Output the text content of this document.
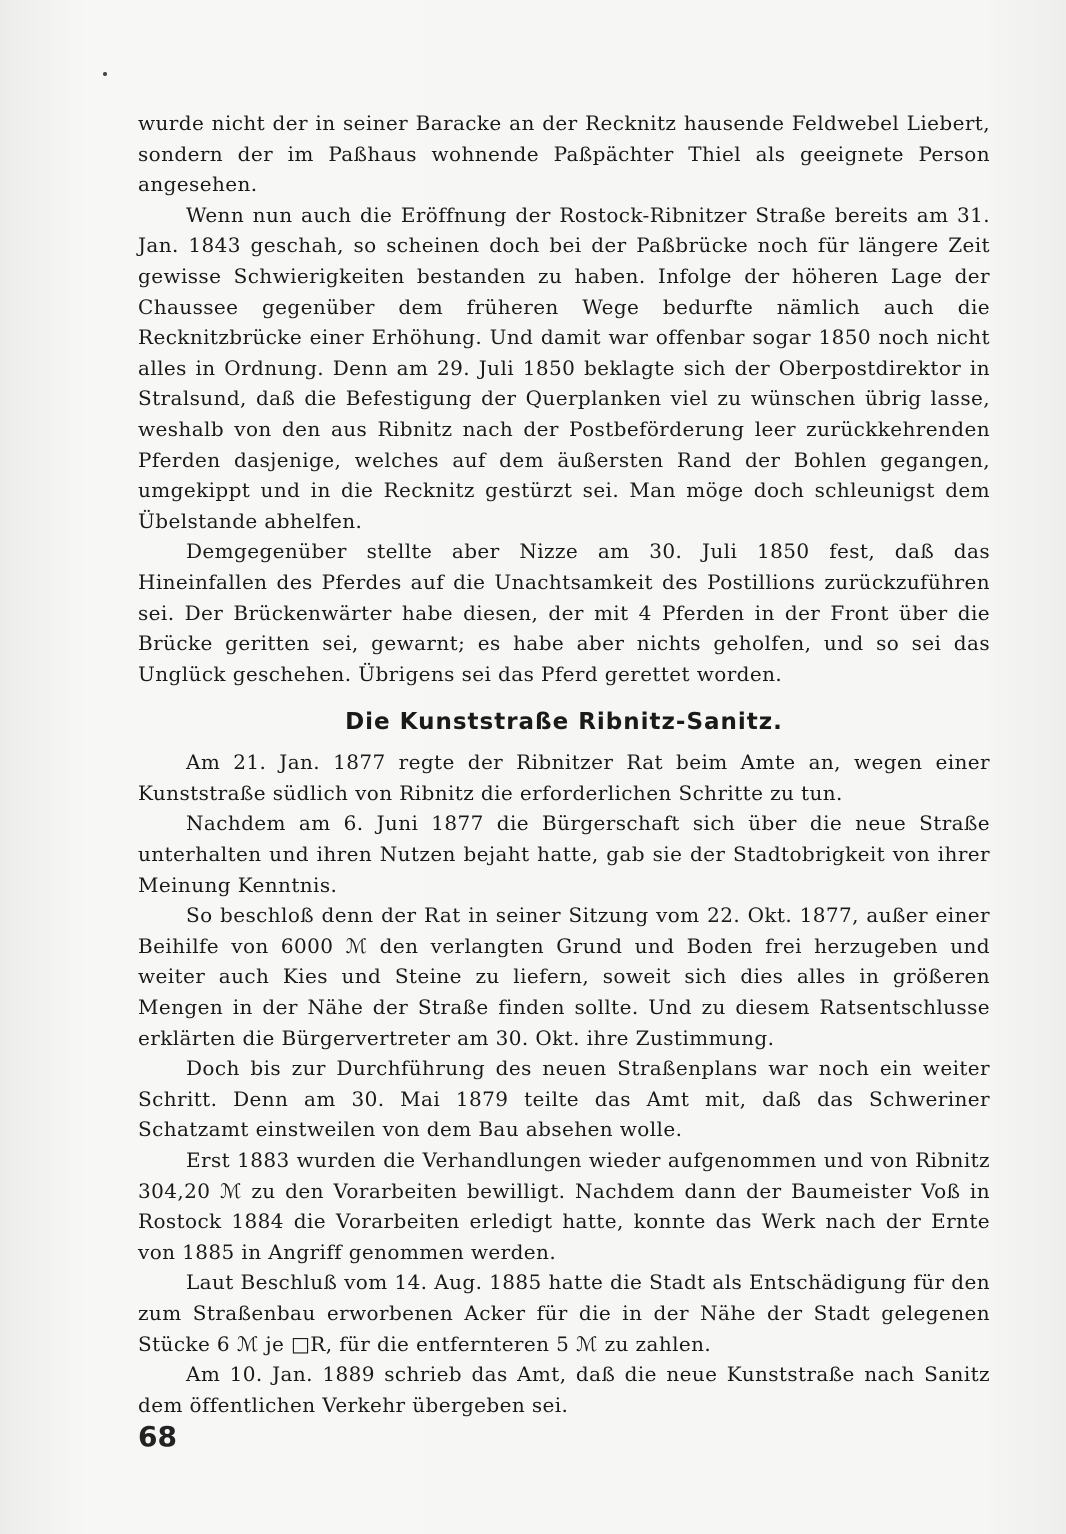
wurde nicht der in seiner Baracke an der Recknitz hausende Feldwebel Liebert, sondern der im Paßhaus wohnende Paßpächter Thiel als geeignete Person angesehen.

Wenn nun auch die Eröffnung der Rostock-Ribnitzer Straße bereits am 31. Jan. 1843 geschah, so scheinen doch bei der Paßbrücke noch für längere Zeit gewisse Schwierigkeiten bestanden zu haben. Infolge der höheren Lage der Chaussee gegenüber dem früheren Wege bedurfte nämlich auch die Recknitzbrücke einer Erhöhung. Und damit war offenbar sogar 1850 noch nicht alles in Ordnung. Denn am 29. Juli 1850 beklagte sich der Oberpostdirektor in Stralsund, daß die Befestigung der Querplanken viel zu wünschen übrig lasse, weshalb von den aus Ribnitz nach der Postbeförderung leer zurückkehrenden Pferden dasjenige, welches auf dem äußersten Rand der Bohlen gegangen, umgekippt und in die Recknitz gestürzt sei. Man möge doch schleunigst dem Übelstande abhelfen.

Demgegenüber stellte aber Nizze am 30. Juli 1850 fest, daß das Hineinfallen des Pferdes auf die Unachtsamkeit des Postillions zurückzuführen sei. Der Brückenwärter habe diesen, der mit 4 Pferden in der Front über die Brücke geritten sei, gewarnt; es habe aber nichts geholfen, und so sei das Unglück geschehen. Übrigens sei das Pferd gerettet worden.

Die Kunststraße Ribnitz-Sanitz.

Am 21. Jan. 1877 regte der Ribnitzer Rat beim Amte an, wegen einer Kunststraße südlich von Ribnitz die erforderlichen Schritte zu tun.

Nachdem am 6. Juni 1877 die Bürgerschaft sich über die neue Straße unterhalten und ihren Nutzen bejaht hatte, gab sie der Stadtobrigkeit von ihrer Meinung Kenntnis.

So beschloß denn der Rat in seiner Sitzung vom 22. Okt. 1877, außer einer Beihilfe von 6000 ℳ den verlangten Grund und Boden frei herzugeben und weiter auch Kies und Steine zu liefern, soweit sich dies alles in größeren Mengen in der Nähe der Straße finden sollte. Und zu diesem Ratsentschlusse erklärten die Bürgervertreter am 30. Okt. ihre Zustimmung.

Doch bis zur Durchführung des neuen Straßenplans war noch ein weiter Schritt. Denn am 30. Mai 1879 teilte das Amt mit, daß das Schweriner Schatzamt einstweilen von dem Bau absehen wolle.

Erst 1883 wurden die Verhandlungen wieder aufgenommen und von Ribnitz 304,20 ℳ zu den Vorarbeiten bewilligt. Nachdem dann der Baumeister Voß in Rostock 1884 die Vorarbeiten erledigt hatte, konnte das Werk nach der Ernte von 1885 in Angriff genommen werden.

Laut Beschluß vom 14. Aug. 1885 hatte die Stadt als Entschädigung für den zum Straßenbau erworbenen Acker für die in der Nähe der Stadt gelegenen Stücke 6 ℳ je □R, für die entfernteren 5 ℳ zu zahlen.

Am 10. Jan. 1889 schrieb das Amt, daß die neue Kunststraße nach Sanitz dem öffentlichen Verkehr übergeben sei.

68
